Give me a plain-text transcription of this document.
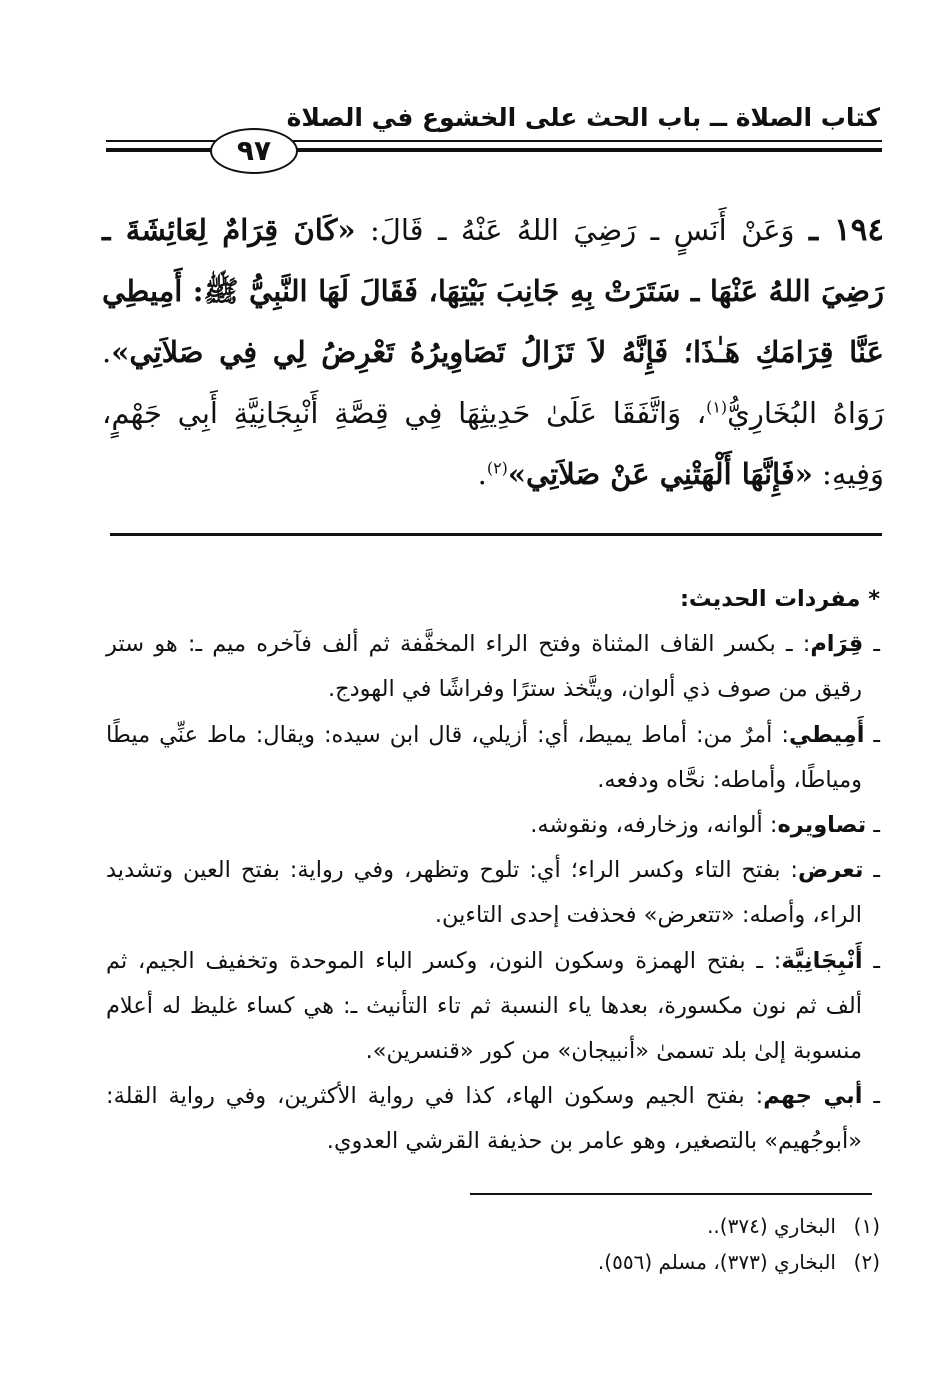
كتاب الصلاة ــ باب الحث على الخشوع في الصلاة
٩٧
١٩٤ ـ وَعَنْ أَنَسٍ ـ رَضِيَ اللهُ عَنْهُ ـ قَالَ: «كَانَ قِرَامٌ لِعَائِشَةَ ـ رَضِيَ اللهُ عَنْهَا ـ سَتَرَتْ بِهِ جَانِبَ بَيْتِهَا، فَقَالَ لَهَا النَّبِيُّ ﷺ: أَمِيطِي عَنَّا قِرَامَكِ هَـٰذَا؛ فَإِنَّهُ لاَ تَزَالُ تَصَاوِيرُهُ تَعْرِضُ لِي فِي صَلاَتِي». رَوَاهُ البُخَارِيُّ$^{(١)}$، وَاتَّفَقَا عَلَىٰ حَدِيثِهَا فِي قِصَّةِ أَنْبِجَانِيَّةِ أَبِي جَهْمٍ، وَفِيهِ: «فَإِنَّهَا أَلْهَتْنِي عَنْ صَلاَتِي»$^{(٢)}$.

* مفردات الحديث:

ـ قِرَام: ـ بكسر القاف المثناة وفتح الراء المخفَّفة ثم ألف فآخره ميم ـ: هو ستر رقيق من صوف ذي ألوان، ويتَّخذ سترًا وفراشًا في الهودج.

ـ أَمِيطي: أمرٌ من: أماط يميط، أي: أزيلي، قال ابن سيده: ويقال: ماط عنِّي ميطًا ومياطًا، وأماطه: نحَّاه ودفعه.

ـ تصاويره: ألوانه، وزخارفه، ونقوشه.

ـ تعرض: بفتح التاء وكسر الراء؛ أي: تلوح وتظهر، وفي رواية: بفتح العين وتشديد الراء، وأصله: «تتعرض» فحذفت إحدى التاءين.

ـ أَنْبِجَانِيَّة: ـ بفتح الهمزة وسكون النون، وكسر الباء الموحدة وتخفيف الجيم، ثم ألف ثم نون مكسورة، بعدها ياء النسبة ثم تاء التأنيث ـ: هي كساء غليظ له أعلام منسوبة إلىٰ بلد تسمىٰ «أنبيجان» من كور «قنسرين».

ـ أبي جهم: بفتح الجيم وسكون الهاء، كذا في رواية الأكثرين، وفي رواية القلة: «أبوجُهيم» بالتصغير، وهو عامر بن حذيفة القرشي العدوي.

(١)البخاري (٣٧٤)..

(٢)البخاري (٣٧٣)، مسلم (٥٥٦).
